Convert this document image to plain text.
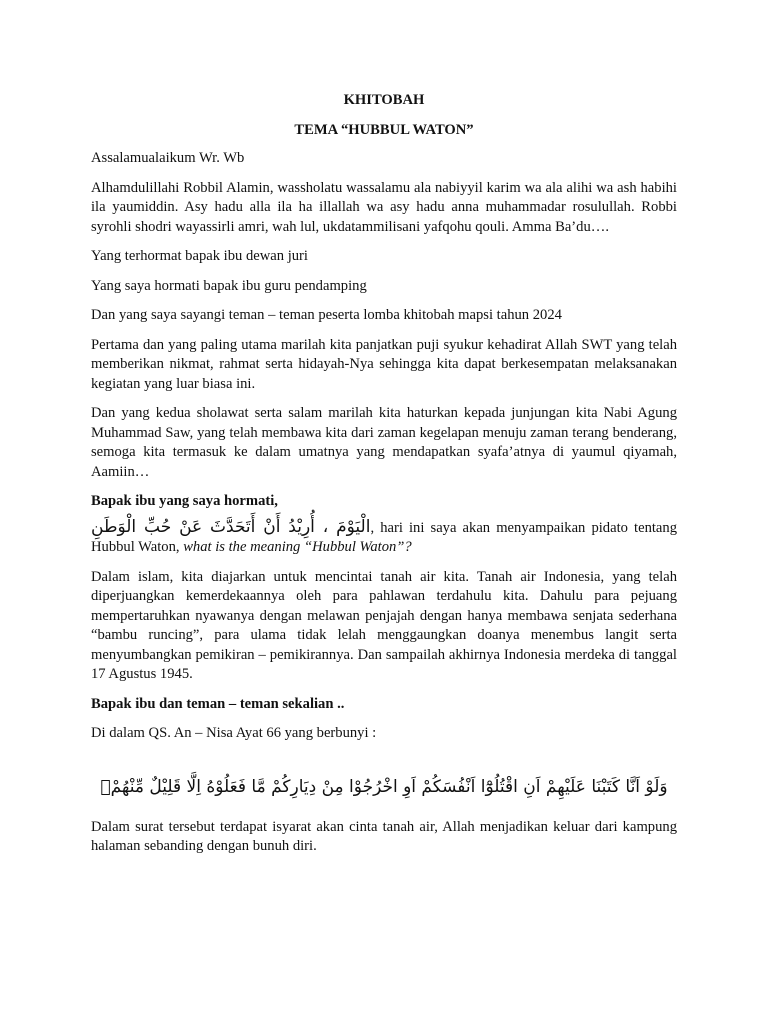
KHITOBAH

TEMA “HUBBUL WATON”

Assalamualaikum Wr. Wb

Alhamdulillahi Robbil Alamin, wassholatu wassalamu ala nabiyyil karim wa ala alihi wa ash habihi ila yaumiddin. Asy hadu alla ila ha illallah wa asy hadu anna muhammadar rosulullah. Robbi syrohli shodri wayassirli amri, wah lul, ukdatammilisani yafqohu qouli. Amma Ba’du….

Yang terhormat bapak ibu dewan juri

Yang saya hormati bapak ibu guru pendamping

Dan yang saya sayangi teman – teman peserta lomba khitobah mapsi tahun 2024

Pertama dan yang paling utama marilah kita panjatkan puji syukur kehadirat Allah SWT yang telah memberikan nikmat, rahmat serta hidayah-Nya sehingga kita dapat berkesempatan melaksanakan kegiatan yang luar biasa ini.

Dan yang kedua sholawat serta salam marilah kita haturkan kepada junjungan kita Nabi Agung Muhammad Saw, yang telah membawa kita dari zaman kegelapan menuju zaman terang benderang, semoga kita termasuk ke dalam umatnya yang mendapatkan syafa’atnya di yaumul qiyamah, Aamiin…

Bapak ibu yang saya hormati,

الْيَوْمَ ، أُرِيْدُ أَنْ أَتَحَدَّثَ عَنْ حُبِّ الْوَطَنِ, hari ini saya akan menyampaikan pidato tentang Hubbul Waton, what is the meaning “Hubbul Waton”?

Dalam islam, kita diajarkan untuk mencintai tanah air kita. Tanah air Indonesia, yang telah diperjuangkan kemerdekaannya oleh para pahlawan terdahulu kita. Dahulu para pejuang mempertaruhkan nyawanya dengan melawan penjajah dengan hanya membawa senjata sederhana “bambu runcing”, para ulama tidak lelah menggaungkan doanya menembus langit serta menyumbangkan pemikiran – pemikirannya. Dan sampailah akhirnya Indonesia merdeka di tanggal 17 Agustus 1945.

Bapak ibu dan teman – teman sekalian ..

Di dalam QS. An – Nisa Ayat 66 yang berbunyi :

وَلَوْ اَنَّا كَتَبْنَا عَلَيْهِمْ اَنِ اقْتُلُوْٓا اَنْفُسَكُمْ اَوِ اخْرُجُوْا مِنْ دِيَارِكُمْ مَّا فَعَلُوْهُ اِلَّا قَلِيْلٌ مِّنْهُمْۗ

Dalam surat tersebut terdapat isyarat akan cinta tanah air, Allah menjadikan keluar dari kampung halaman sebanding dengan bunuh diri.
